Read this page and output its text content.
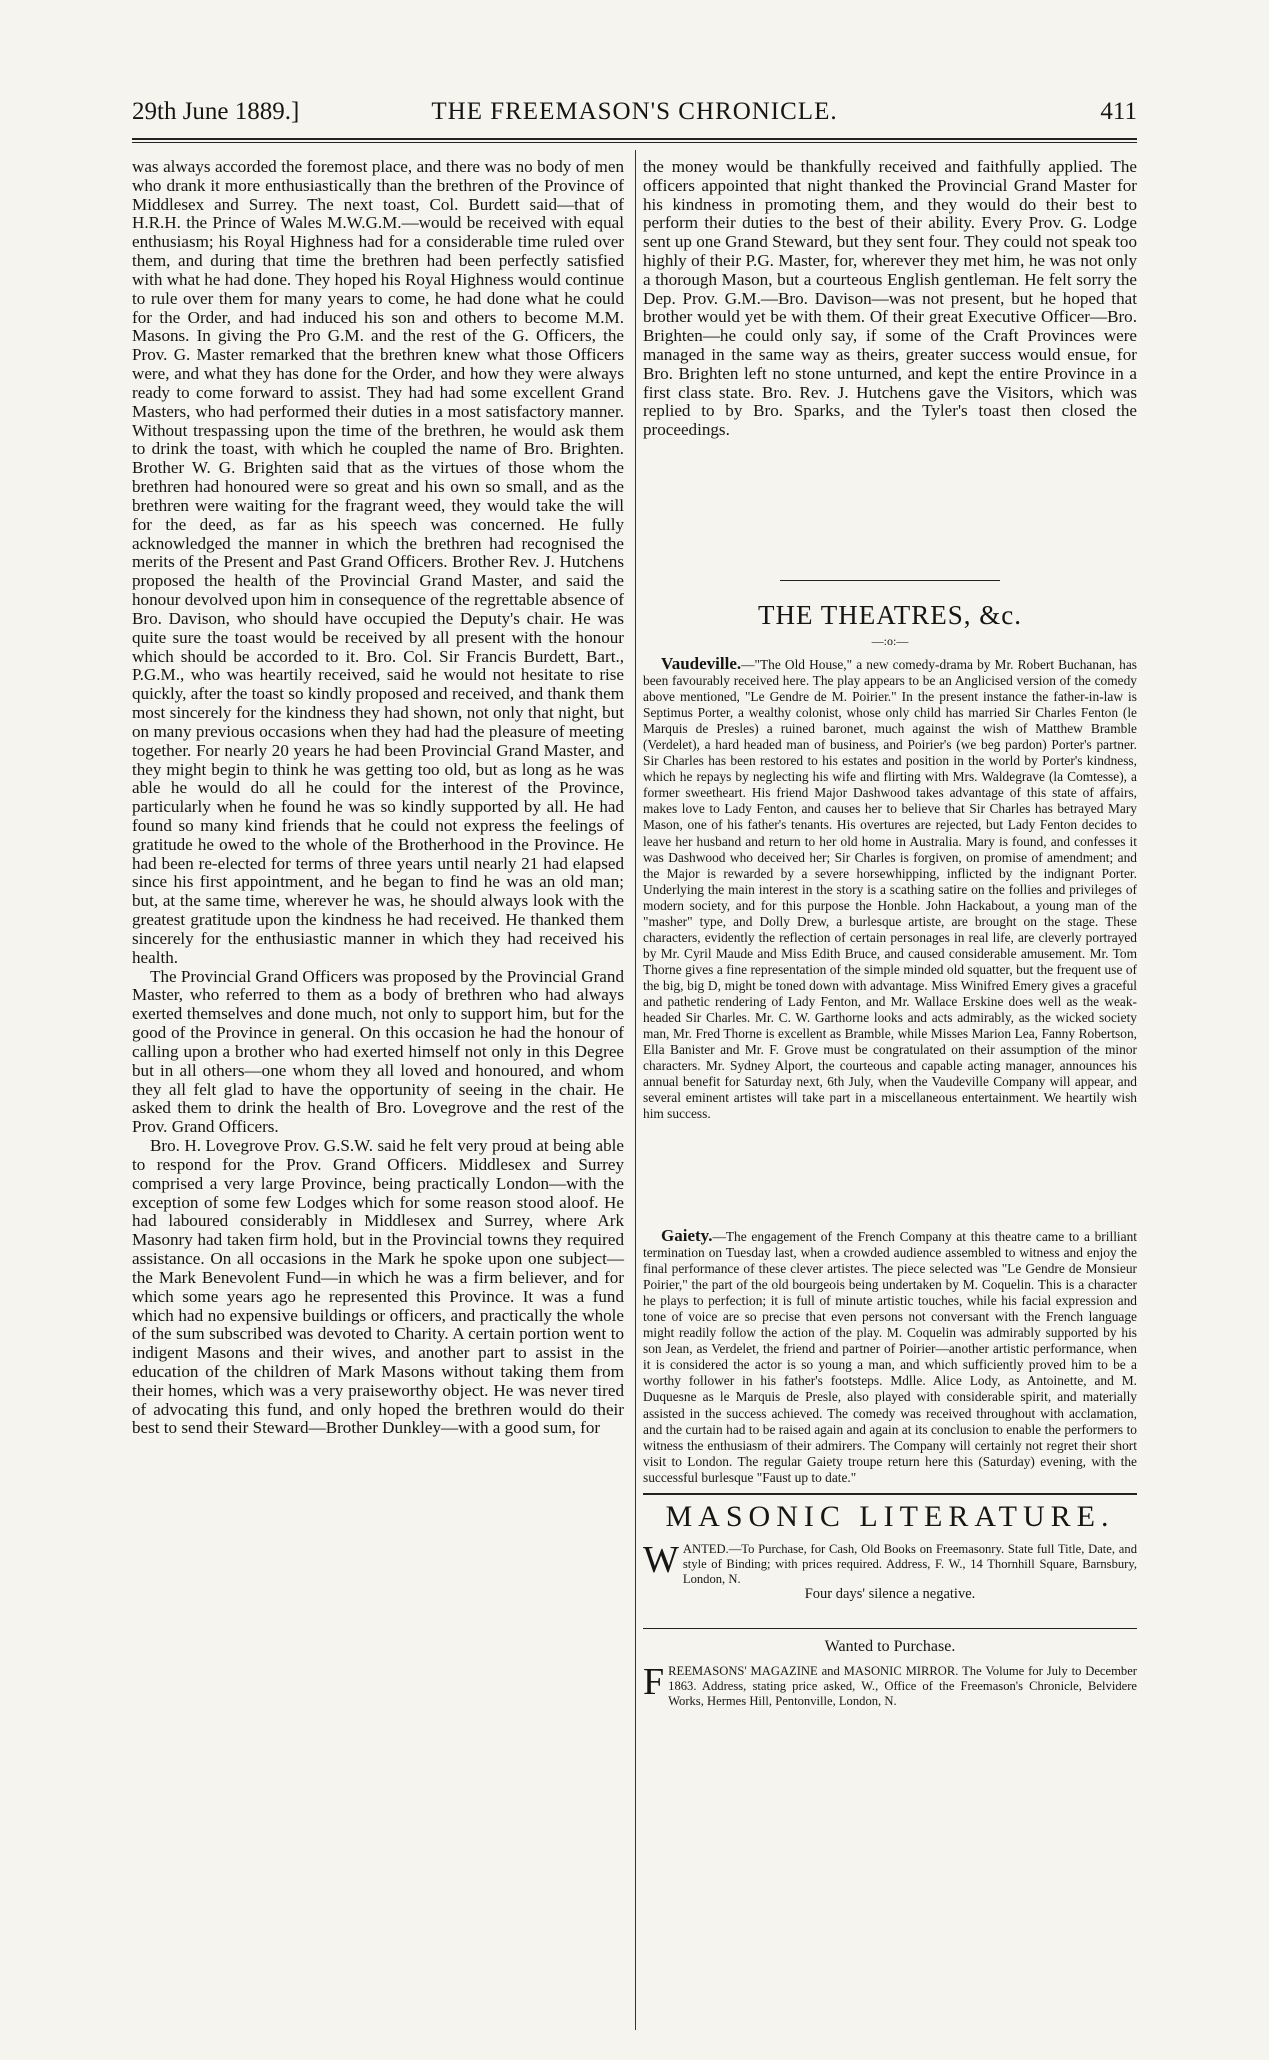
29th June 1889.]	THE FREEMASON'S CHRONICLE.	411

was always accorded the foremost place, and there was no body of men who drank it more enthusiastically than the brethren of the Province of Middlesex and Surrey. The next toast, Col. Burdett said—that of H.R.H. the Prince of Wales M.W.G.M.—would be received with equal enthusiasm; his Royal Highness had for a considerable time ruled over them, and during that time the brethren had been perfectly satisfied with what he had done. They hoped his Royal Highness would continue to rule over them for many years to come, he had done what he could for the Order, and had induced his son and others to become M.M. Masons. In giving the Pro G.M. and the rest of the G. Officers, the Prov. G. Master remarked that the brethren knew what those Officers were, and what they has done for the Order, and how they were always ready to come forward to assist. They had had some excellent Grand Masters, who had performed their duties in a most satisfactory manner. Without trespassing upon the time of the brethren, he would ask them to drink the toast, with which he coupled the name of Bro. Brighten. Brother W. G. Brighten said that as the virtues of those whom the brethren had honoured were so great and his own so small, and as the brethren were waiting for the fragrant weed, they would take the will for the deed, as far as his speech was concerned. He fully acknowledged the manner in which the brethren had recognised the merits of the Present and Past Grand Officers. Brother Rev. J. Hutchens proposed the health of the Provincial Grand Master, and said the honour devolved upon him in consequence of the regrettable absence of Bro. Davison, who should have occupied the Deputy's chair. He was quite sure the toast would be received by all present with the honour which should be accorded to it. Bro. Col. Sir Francis Burdett, Bart., P.G.M., who was heartily received, said he would not hesitate to rise quickly, after the toast so kindly proposed and received, and thank them most sincerely for the kindness they had shown, not only that night, but on many previous occasions when they had had the pleasure of meeting together. For nearly 20 years he had been Provincial Grand Master, and they might begin to think he was getting too old, but as long as he was able he would do all he could for the interest of the Province, particularly when he found he was so kindly supported by all. He had found so many kind friends that he could not express the feelings of gratitude he owed to the whole of the Brotherhood in the Province. He had been re-elected for terms of three years until nearly 21 had elapsed since his first appointment, and he began to find he was an old man; but, at the same time, wherever he was, he should always look with the greatest gratitude upon the kindness he had received. He thanked them sincerely for the enthusiastic manner in which they had received his health.

The Provincial Grand Officers was proposed by the Provincial Grand Master, who referred to them as a body of brethren who had always exerted themselves and done much, not only to support him, but for the good of the Province in general. On this occasion he had the honour of calling upon a brother who had exerted himself not only in this Degree but in all others—one whom they all loved and honoured, and whom they all felt glad to have the opportunity of seeing in the chair. He asked them to drink the health of Bro. Lovegrove and the rest of the Prov. Grand Officers.

Bro. H. Lovegrove Prov. G.S.W. said he felt very proud at being able to respond for the Prov. Grand Officers. Middlesex and Surrey comprised a very large Province, being practically London—with the exception of some few Lodges which for some reason stood aloof. He had laboured considerably in Middlesex and Surrey, where Ark Masonry had taken firm hold, but in the Provincial towns they required assistance. On all occasions in the Mark he spoke upon one subject—the Mark Benevolent Fund—in which he was a firm believer, and for which some years ago he represented this Province. It was a fund which had no expensive buildings or officers, and practically the whole of the sum subscribed was devoted to Charity. A certain portion went to indigent Masons and their wives, and another part to assist in the education of the children of Mark Masons without taking them from their homes, which was a very praiseworthy object. He was never tired of advocating this fund, and only hoped the brethren would do their best to send their Steward—Brother Dunkley—with a good sum, for

the money would be thankfully received and faithfully applied. The officers appointed that night thanked the Provincial Grand Master for his kindness in promoting them, and they would do their best to perform their duties to the best of their ability. Every Prov. G. Lodge sent up one Grand Steward, but they sent four. They could not speak too highly of their P.G. Master, for, wherever they met him, he was not only a thorough Mason, but a courteous English gentleman. He felt sorry the Dep. Prov. G.M.—Bro. Davison—was not present, but he hoped that brother would yet be with them. Of their great Executive Officer—Bro. Brighten—he could only say, if some of the Craft Provinces were managed in the same way as theirs, greater success would ensue, for Bro. Brighten left no stone unturned, and kept the entire Province in a first class state. Bro. Rev. J. Hutchens gave the Visitors, which was replied to by Bro. Sparks, and the Tyler's toast then closed the proceedings.

THE THEATRES, &c.
—:o:—

Vaudeville.—"The Old House," a new comedy-drama by Mr. Robert Buchanan, has been favourably received here. The play appears to be an Anglicised version of the comedy above mentioned, "Le Gendre de M. Poirier." In the present instance the father-in-law is Septimus Porter, a wealthy colonist, whose only child has married Sir Charles Fenton (le Marquis de Presles) a ruined baronet, much against the wish of Matthew Bramble (Verdelet), a hard headed man of business, and Poirier's (we beg pardon) Porter's partner. Sir Charles has been restored to his estates and position in the world by Porter's kindness, which he repays by neglecting his wife and flirting with Mrs. Waldegrave (la Comtesse), a former sweetheart. His friend Major Dashwood takes advantage of this state of affairs, makes love to Lady Fenton, and causes her to believe that Sir Charles has betrayed Mary Mason, one of his father's tenants. His overtures are rejected, but Lady Fenton decides to leave her husband and return to her old home in Australia. Mary is found, and confesses it was Dashwood who deceived her; Sir Charles is forgiven, on promise of amendment; and the Major is rewarded by a severe horsewhipping, inflicted by the indignant Porter. Underlying the main interest in the story is a scathing satire on the follies and privileges of modern society, and for this purpose the Honble. John Hackabout, a young man of the "masher" type, and Dolly Drew, a burlesque artiste, are brought on the stage. These characters, evidently the reflection of certain personages in real life, are cleverly portrayed by Mr. Cyril Maude and Miss Edith Bruce, and caused considerable amusement. Mr. Tom Thorne gives a fine representation of the simple minded old squatter, but the frequent use of the big, big D, might be toned down with advantage. Miss Winifred Emery gives a graceful and pathetic rendering of Lady Fenton, and Mr. Wallace Erskine does well as the weak-headed Sir Charles. Mr. C. W. Garthorne looks and acts admirably, as the wicked society man, Mr. Fred Thorne is excellent as Bramble, while Misses Marion Lea, Fanny Robertson, Ella Banister and Mr. F. Grove must be congratulated on their assumption of the minor characters. Mr. Sydney Alport, the courteous and capable acting manager, announces his annual benefit for Saturday next, 6th July, when the Vaudeville Company will appear, and several eminent artistes will take part in a miscellaneous entertainment. We heartily wish him success.

Gaiety.—The engagement of the French Company at this theatre came to a brilliant termination on Tuesday last, when a crowded audience assembled to witness and enjoy the final performance of these clever artistes. The piece selected was "Le Gendre de Monsieur Poirier," the part of the old bourgeois being undertaken by M. Coquelin. This is a character he plays to perfection; it is full of minute artistic touches, while his facial expression and tone of voice are so precise that even persons not conversant with the French language might readily follow the action of the play. M. Coquelin was admirably supported by his son Jean, as Verdelet, the friend and partner of Poirier—another artistic performance, when it is considered the actor is so young a man, and which sufficiently proved him to be a worthy follower in his father's footsteps. Mdlle. Alice Lody, as Antoinette, and M. Duquesne as le Marquis de Presle, also played with considerable spirit, and materially assisted in the success achieved. The comedy was received throughout with acclamation, and the curtain had to be raised again and again at its conclusion to enable the performers to witness the enthusiasm of their admirers. The Company will certainly not regret their short visit to London. The regular Gaiety troupe return here this (Saturday) evening, with the successful burlesque "Faust up to date."

MASONIC LITERATURE.
W ANTED.—To Purchase, for Cash, Old Books on Freemasonry. State full Title, Date, and style of Binding; with prices required. Address, F. W., 14 Thornhill Square, Barnsbury, London, N.
Four days' silence a negative.
Wanted to Purchase.
F REEMASONS' MAGAZINE and MASONIC MIRROR. The Volume for July to December 1863. Address, stating price asked, W., Office of the Freemason's Chronicle, Belvidere Works, Hermes Hill, Pentonville, London, N.
